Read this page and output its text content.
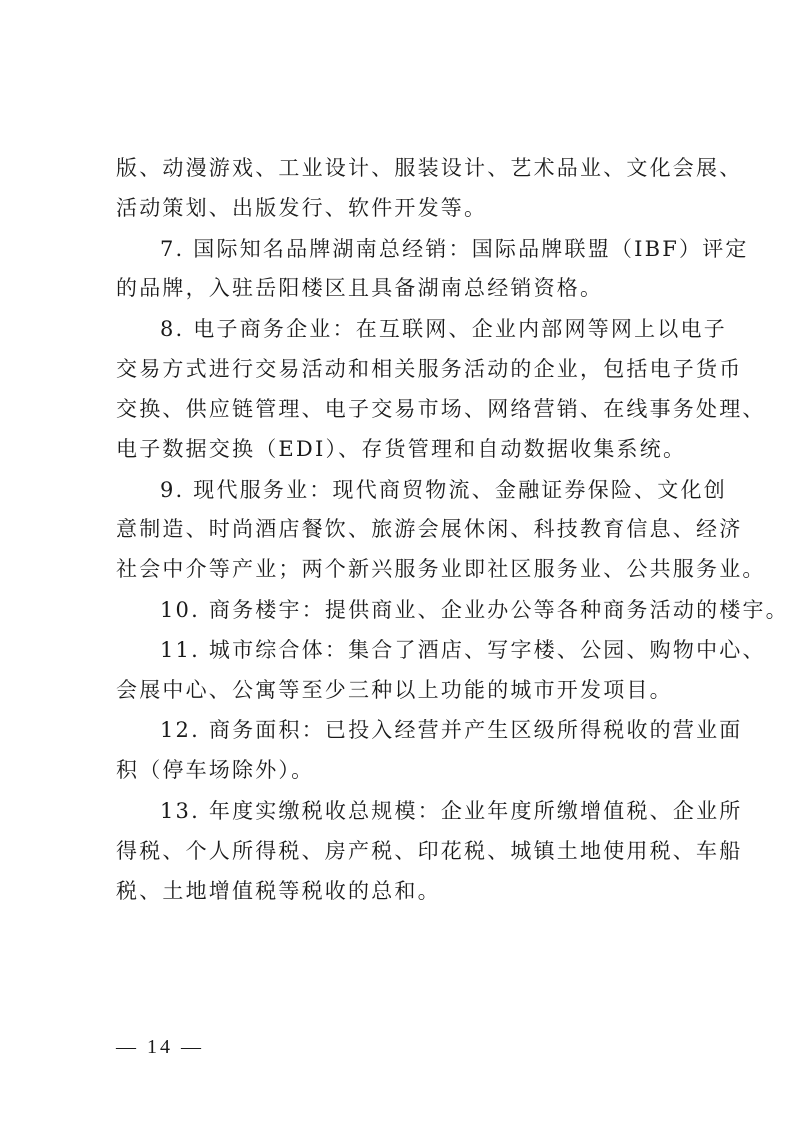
版、动漫游戏、工业设计、服装设计、艺术品业、文化会展、
活动策划、出版发行、软件开发等。
7. 国际知名品牌湖南总经销：国际品牌联盟（IBF）评定
的品牌，入驻岳阳楼区且具备湖南总经销资格。
8. 电子商务企业：在互联网、企业内部网等网上以电子
交易方式进行交易活动和相关服务活动的企业，包括电子货币
交换、供应链管理、电子交易市场、网络营销、在线事务处理、
电子数据交换（EDI）、存货管理和自动数据收集系统。
9. 现代服务业：现代商贸物流、金融证券保险、文化创
意制造、时尚酒店餐饮、旅游会展休闲、科技教育信息、经济
社会中介等产业；两个新兴服务业即社区服务业、公共服务业。
10. 商务楼宇：提供商业、企业办公等各种商务活动的楼宇。
11. 城市综合体：集合了酒店、写字楼、公园、购物中心、
会展中心、公寓等至少三种以上功能的城市开发项目。
12. 商务面积：已投入经营并产生区级所得税收的营业面
积（停车场除外）。
13. 年度实缴税收总规模：企业年度所缴增值税、企业所
得税、个人所得税、房产税、印花税、城镇土地使用税、车船
税、土地增值税等税收的总和。
— 14 —
